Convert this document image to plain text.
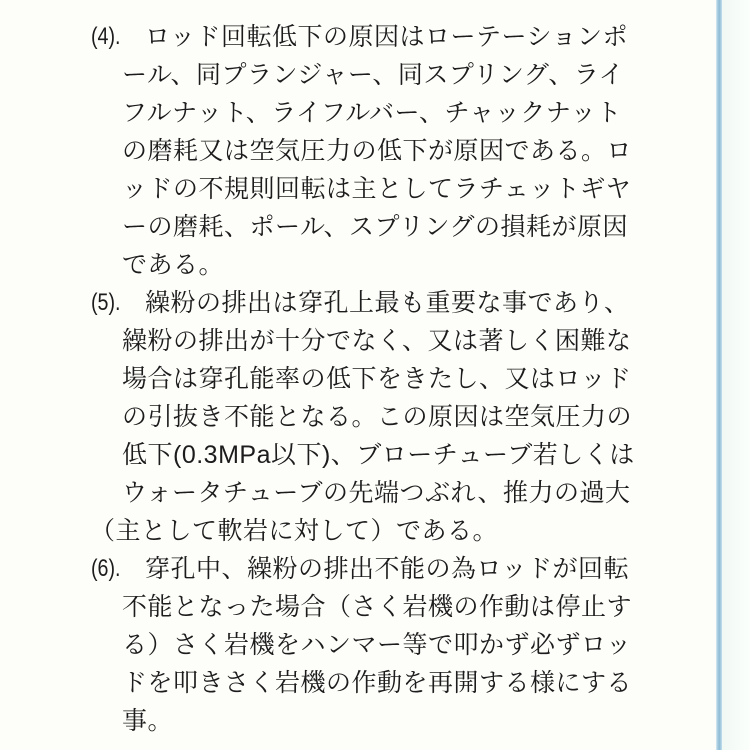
(4). ロッド回転低下の原因はローテーションポ
ール、同プランジャー、同スプリング、ライ
フルナット、ライフルバー、チャックナット
の磨耗又は空気圧力の低下が原因である。ロ
ッドの不規則回転は主としてラチェットギヤ
ーの磨耗、ポール、スプリングの損耗が原因
である。
(5). 繰粉の排出は穿孔上最も重要な事であり、
繰粉の排出が十分でなく、又は著しく困難な
場合は穿孔能率の低下をきたし、又はロッド
の引抜き不能となる。この原因は空気圧力の
低下(0.3MPa以下)、ブローチューブ若しくは
ウォータチューブの先端つぶれ、推力の過大
（主として軟岩に対して）である。
(6). 穿孔中、繰粉の排出不能の為ロッドが回転
不能となった場合（さく岩機の作動は停止す
る）さく岩機をハンマー等で叩かず必ずロッ
ドを叩きさく岩機の作動を再開する様にする
事。
